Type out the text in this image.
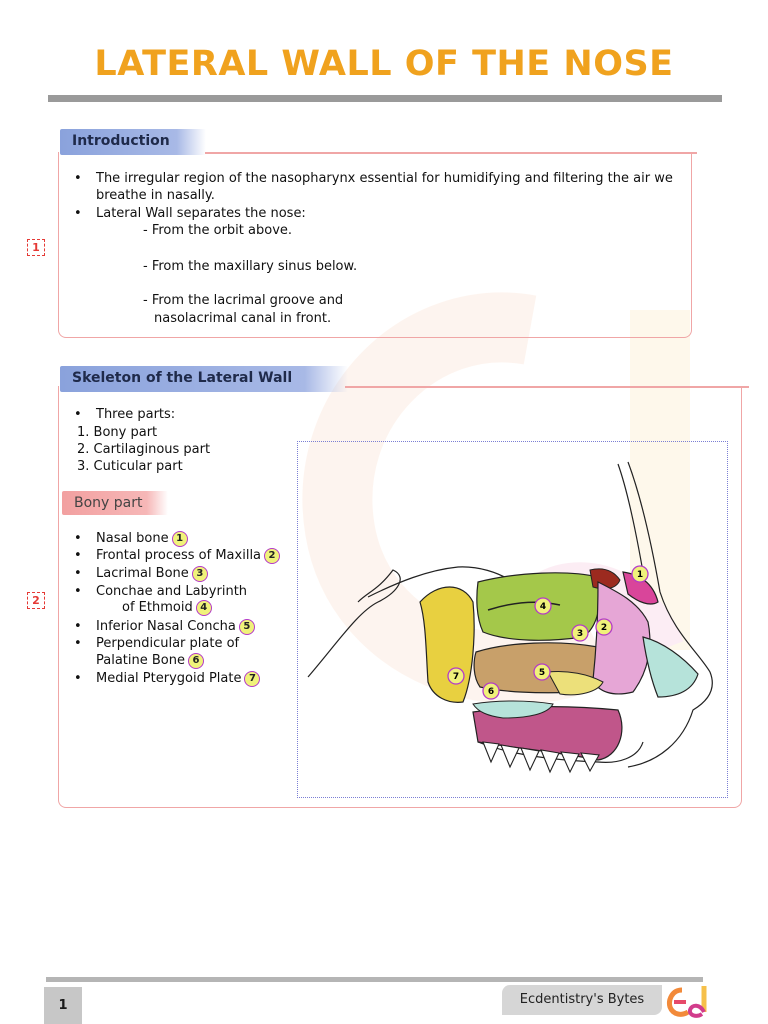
LATERAL WALL OF THE NOSE
Introduction
1
• The irregular region of the nasopharynx essential for humidifying and filtering the air we breathe in nasally.
• Lateral Wall separates the nose:
- From the orbit above.
- From the maxillary sinus below.
- From the lacrimal groove and
nasolacrimal canal in front.
Skeleton of the Lateral Wall
2
• Three parts:
1. Bony part
2. Cartilaginous part
3. Cuticular part
Bony part
• Nasal bone 1
• Frontal process of Maxilla 2
• Lacrimal Bone 3
• Conchae and Labyrinth
of Ethmoid 4
• Inferior Nasal Concha 5
• Perpendicular plate of
Palatine Bone 6
• Medial Pterygoid Plate 7
1
2
3
4
5
6
7
1	Ecdentistry's Bytes
